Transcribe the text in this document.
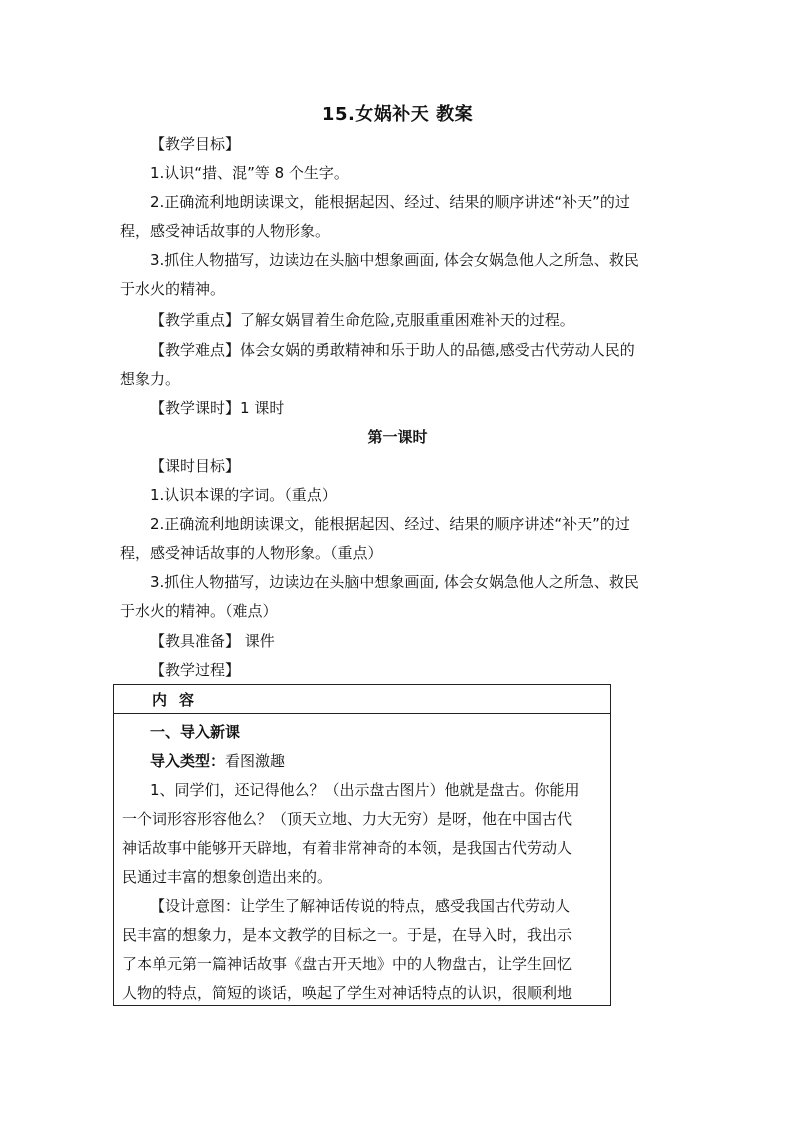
15.女娲补天 教案
【教学目标】
1.认识“措、混”等 8 个生字。
2.正确流利地朗读课文，能根据起因、经过、结果的顺序讲述“补天”的过
程，感受神话故事的人物形象。
3.抓住人物描写，边读边在头脑中想象画面, 体会女娲急他人之所急、救民
于水火的精神。
【教学重点】了解女娲冒着生命危险,克服重重困难补天的过程。
【教学难点】体会女娲的勇敢精神和乐于助人的品德,感受古代劳动人民的
想象力。
【教学课时】1 课时
第一课时
【课时目标】
1.认识本课的字词。（重点）
2.正确流利地朗读课文，能根据起因、经过、结果的顺序讲述“补天”的过
程，感受神话故事的人物形象。（重点）
3.抓住人物描写，边读边在头脑中想象画面, 体会女娲急他人之所急、救民
于水火的精神。（难点）
【教具准备】 课件
【教学过程】
内容
一、导入新课
导入类型：看图激趣
1、同学们，还记得他么？（出示盘古图片）他就是盘古。你能用
一个词形容形容他么？（顶天立地、力大无穷）是呀，他在中国古代
神话故事中能够开天辟地，有着非常神奇的本领，是我国古代劳动人
民通过丰富的想象创造出来的。
【设计意图：让学生了解神话传说的特点，感受我国古代劳动人
民丰富的想象力，是本文教学的目标之一。于是，在导入时，我出示
了本单元第一篇神话故事《盘古开天地》中的人物盘古，让学生回忆
人物的特点，简短的谈话，唤起了学生对神话特点的认识，很顺利地
